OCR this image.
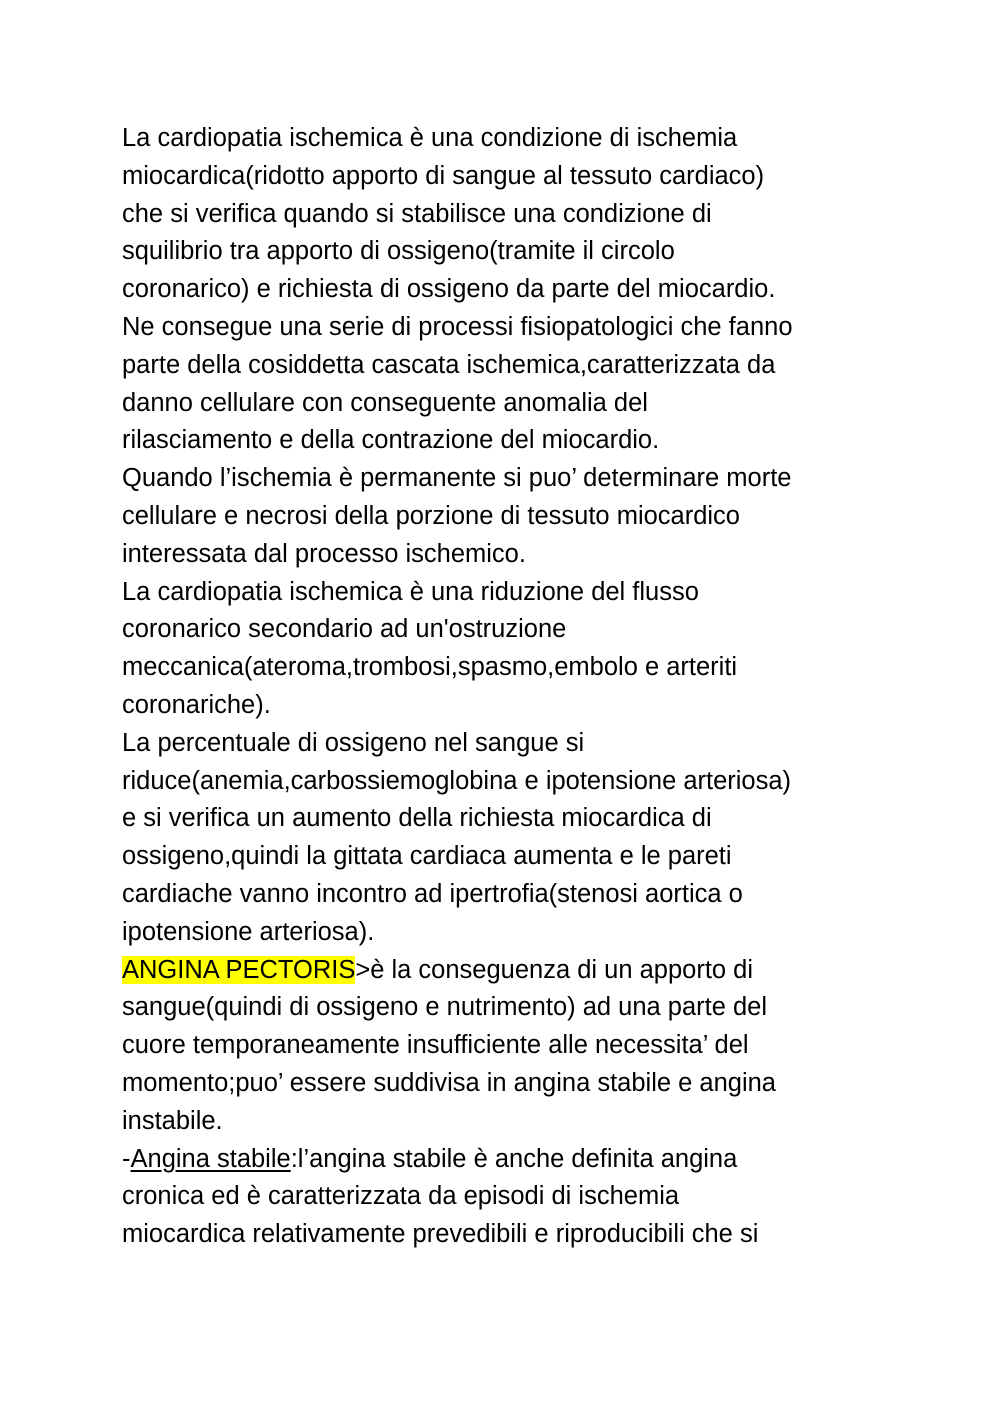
La cardiopatia ischemica è una condizione di ischemia
miocardica(ridotto apporto di sangue al tessuto cardiaco)
che si verifica quando si stabilisce una condizione di
squilibrio tra apporto di ossigeno(tramite il circolo
coronarico) e richiesta di ossigeno da parte del miocardio.
Ne consegue una serie di processi fisiopatologici che fanno
parte della cosiddetta cascata ischemica,caratterizzata da
danno cellulare con conseguente anomalia del
rilasciamento e della contrazione del miocardio.
Quando l’ischemia è permanente si puo’ determinare morte
cellulare e necrosi della porzione di tessuto miocardico
interessata dal processo ischemico.
La cardiopatia ischemica è una riduzione del flusso
coronarico secondario ad un'ostruzione
meccanica(ateroma,trombosi,spasmo,embolo e arteriti
coronariche).
La percentuale di ossigeno nel sangue si
riduce(anemia,carbossiemoglobina e ipotensione arteriosa)
e si verifica un aumento della richiesta miocardica di
ossigeno,quindi la gittata cardiaca aumenta e le pareti
cardiache vanno incontro ad ipertrofia(stenosi aortica o
ipotensione arteriosa).
ANGINA PECTORIS>è la conseguenza di un apporto di
sangue(quindi di ossigeno e nutrimento) ad una parte del
cuore temporaneamente insufficiente alle necessita’ del
momento;puo’ essere suddivisa in angina stabile e angina
instabile.
-Angina stabile:l’angina stabile è anche definita angina
cronica ed è caratterizzata da episodi di ischemia
miocardica relativamente prevedibili e riproducibili che si
